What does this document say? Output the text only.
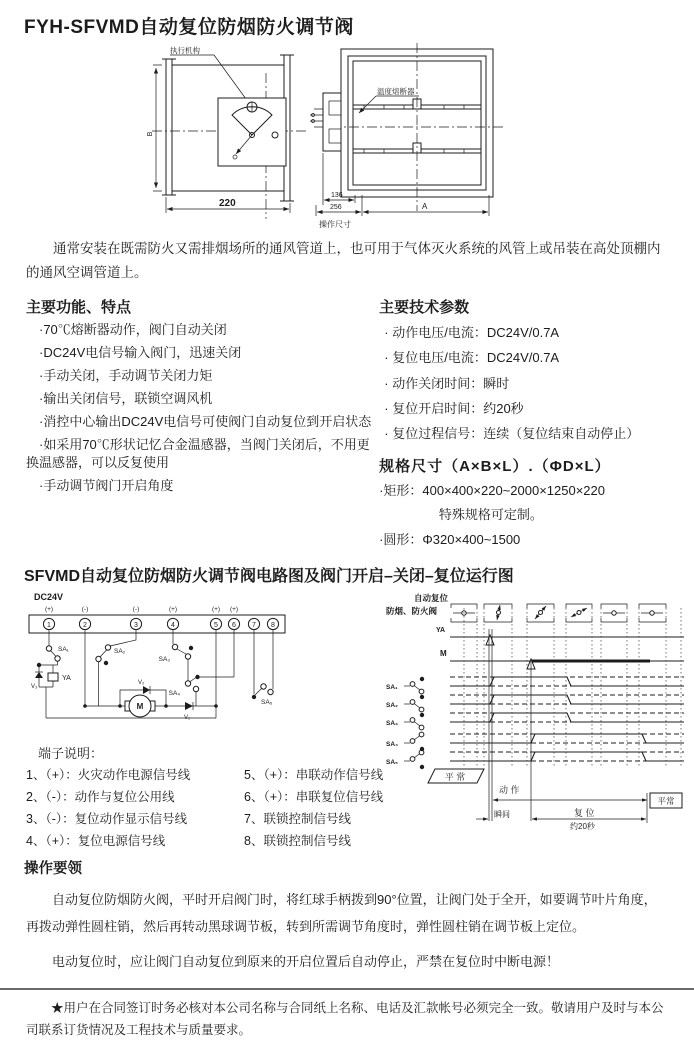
FYH-SFVMD自动复位防烟防火调节阀
执行机构
B
220
温度熔断器
136
256	A
操作尺寸
通常安装在既需防火又需排烟场所的通风管道上，也可用于气体灭火系统的风管上或吊装在高处顶棚内的通风空调管道上。
主要功能、特点
·70℃熔断器动作，阀门自动关闭
·DC24V电信号输入阀门，迅速关闭
·手动关闭，手动调节关闭力矩
·输出关闭信号，联锁空调风机
·消控中心输出DC24V电信号可使阀门自动复位到开启状态
·如采用70℃形状记忆合金温感器，当阀门关闭后，不用更换温感器，可以反复使用
·手动调节阀门开启角度
主要技术参数
· 动作电压/电流：DC24V/0.7A
· 复位电压/电流：DC24V/0.7A
· 动作关闭时间：瞬时
· 复位开启时间：约20秒
· 复位过程信号：连续（复位结束自动停止）
规格尺寸（A×B×L）.（ΦD×L）
·矩形：400×400×220~2000×1250×220
特殊规格可定制。
·圆形：Φ320×400~1500
SFVMD自动复位防烟防火调节阀电路图及阀门开启–关闭–复位运行图
DC24V
(+)	(-)	(-)	(+)	(+) (+)
1	2	3	4	5 6 7 8
SA₁
YA
V₃
SA₂
M
V₂
V₁
SA₃
SA₄
SA₅
端子说明：
1、（+）：火灾动作电源信号线
2、（-）：动作与复位公用线
3、（-）：复位动作显示信号线
4、（+）：复位电源信号线
5、（+）：串联动作信号线
6、（+）：串联复位信号线
7、联锁控制信号线
8、联锁控制信号线
自动复位
防烟、防火阀
YA
M
SA₁
SA₂
SA₃
SA₄
SA₅
平 常
动 作
平常
瞬间	复 位
约20秒
操作要领
自动复位防烟防火阀，平时开启阀门时，将红球手柄拨到90°位置，让阀门处于全开，如要调节叶片角度，再拨动弹性圆柱销，然后再转动黑球调节板，转到所需调节角度时，弹性圆柱销在调节板上定位。
电动复位时，应让阀门自动复位到原来的开启位置后自动停止，严禁在复位时中断电源！
★用户在合同签订时务必核对本公司名称与合同纸上名称、电话及汇款帐号必须完全一致。敬请用户及时与本公司联系订货情况及工程技术与质量要求。
